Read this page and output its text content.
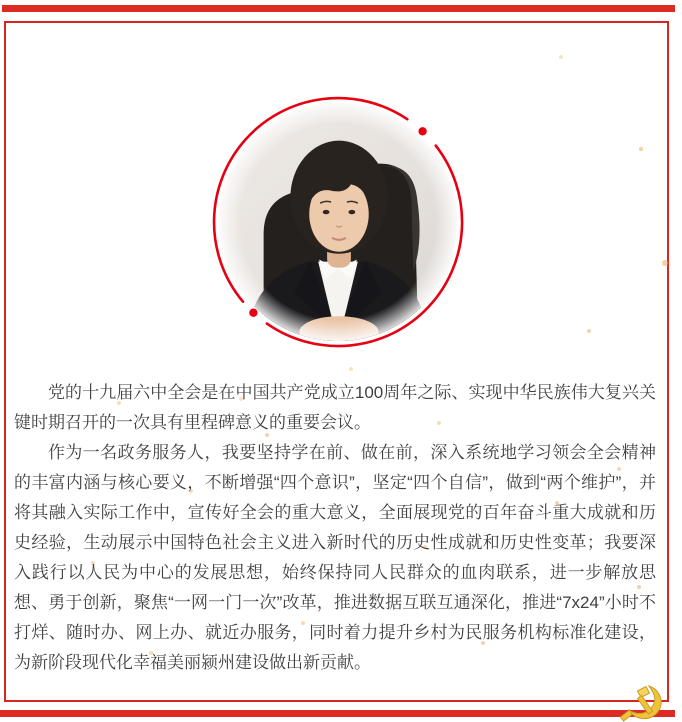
党的十九届六中全会是在中国共产党成立100周年之际、实现中华民族伟大复兴关键时期召开的一次具有里程碑意义的重要会议。

作为一名政务服务人，我要坚持学在前、做在前，深入系统地学习领会全会精神的丰富内涵与核心要义，不断增强“四个意识”，坚定“四个自信”，做到“两个维护”，并将其融入实际工作中，宣传好全会的重大意义，全面展现党的百年奋斗重大成就和历史经验，生动展示中国特色社会主义进入新时代的历史性成就和历史性变革；我要深入践行以人民为中心的发展思想，始终保持同人民群众的血肉联系，进一步解放思想、勇于创新，聚焦“一网一门一次”改革，推进数据互联互通深化，推进“7x24”小时不打烊、随时办、网上办、就近办服务，同时着力提升乡村为民服务机构标准化建设，为新阶段现代化幸福美丽颍州建设做出新贡献。
